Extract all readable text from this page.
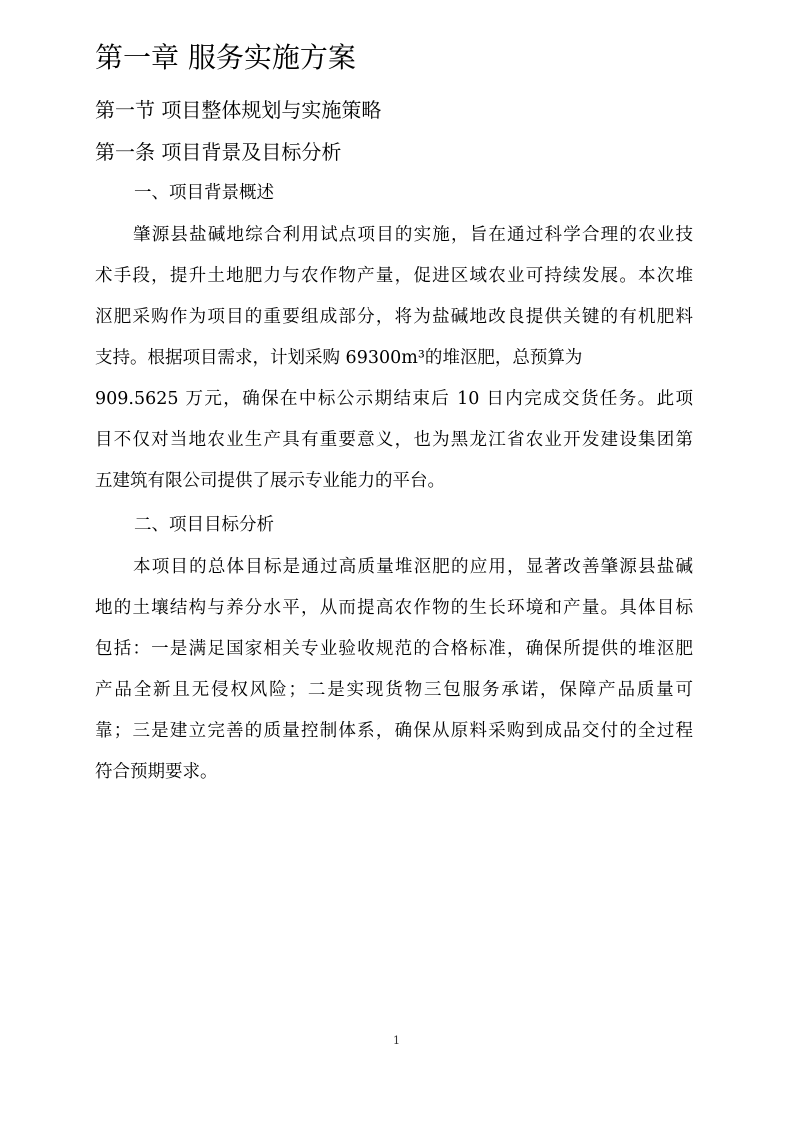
第一章 服务实施方案
第一节 项目整体规划与实施策略
第一条 项目背景及目标分析
一、项目背景概述
肇源县盐碱地综合利用试点项目的实施，旨在通过科学合理的农业技
术手段，提升土地肥力与农作物产量，促进区域农业可持续发展。本次堆
沤肥采购作为项目的重要组成部分，将为盐碱地改良提供关键的有机肥料
支持。根据项目需求，计划采购 69300m³的堆沤肥，总预算为
909.5625 万元，确保在中标公示期结束后 10 日内完成交货任务。此项
目不仅对当地农业生产具有重要意义，也为黑龙江省农业开发建设集团第
五建筑有限公司提供了展示专业能力的平台。
二、项目目标分析
本项目的总体目标是通过高质量堆沤肥的应用，显著改善肇源县盐碱
地的土壤结构与养分水平，从而提高农作物的生长环境和产量。具体目标
包括：一是满足国家相关专业验收规范的合格标准，确保所提供的堆沤肥
产品全新且无侵权风险；二是实现货物三包服务承诺，保障产品质量可
靠；三是建立完善的质量控制体系，确保从原料采购到成品交付的全过程
符合预期要求。
1
